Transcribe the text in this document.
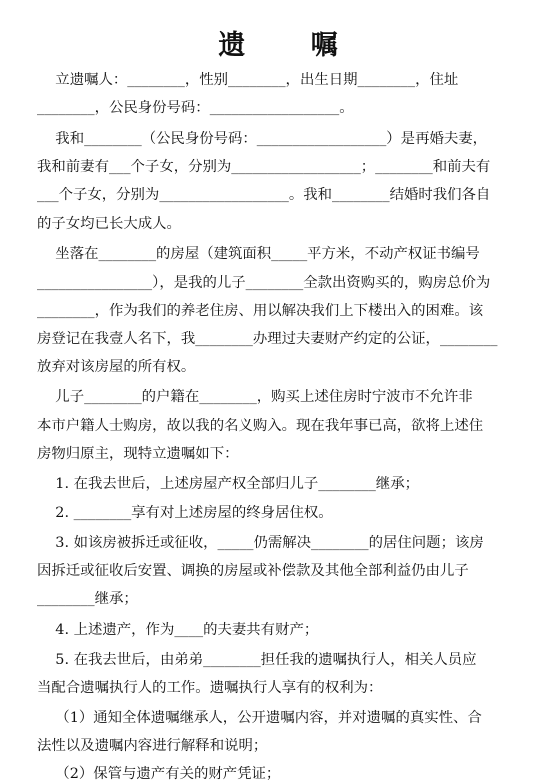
遗 嘱
立遗嘱人：________，性别________，出生日期________，住址
________，公民身份号码：__________________。
我和________（公民身份号码：__________________）是再婚夫妻，
我和前妻有___个子女，分别为__________________；________和前夫有
___个子女，分别为__________________。我和________结婚时我们各自
的子女均已长大成人。
坐落在________的房屋（建筑面积_____平方米，不动产权证书编号
________________），是我的儿子________全款出资购买的，购房总价为
________，作为我们的养老住房、用以解决我们上下楼出入的困难。该
房登记在我壹人名下，我________办理过夫妻财产约定的公证，________
放弃对该房屋的所有权。
儿子________的户籍在________，购买上述住房时宁波市不允许非
本市户籍人士购房，故以我的名义购入。现在我年事已高，欲将上述住
房物归原主，现特立遗嘱如下：
1. 在我去世后，上述房屋产权全部归儿子________继承；
2. ________享有对上述房屋的终身居住权。
3. 如该房被拆迁或征收，_____仍需解决________的居住问题；该房
因拆迁或征收后安置、调换的房屋或补偿款及其他全部利益仍由儿子
________继承；
4. 上述遗产，作为____的夫妻共有财产；
5. 在我去世后，由弟弟________担任我的遗嘱执行人，相关人员应
当配合遗嘱执行人的工作。遗嘱执行人享有的权利为：
（1）通知全体遗嘱继承人，公开遗嘱内容，并对遗嘱的真实性、合
法性以及遗嘱内容进行解释和说明；
（2）保管与遗产有关的财产凭证；
